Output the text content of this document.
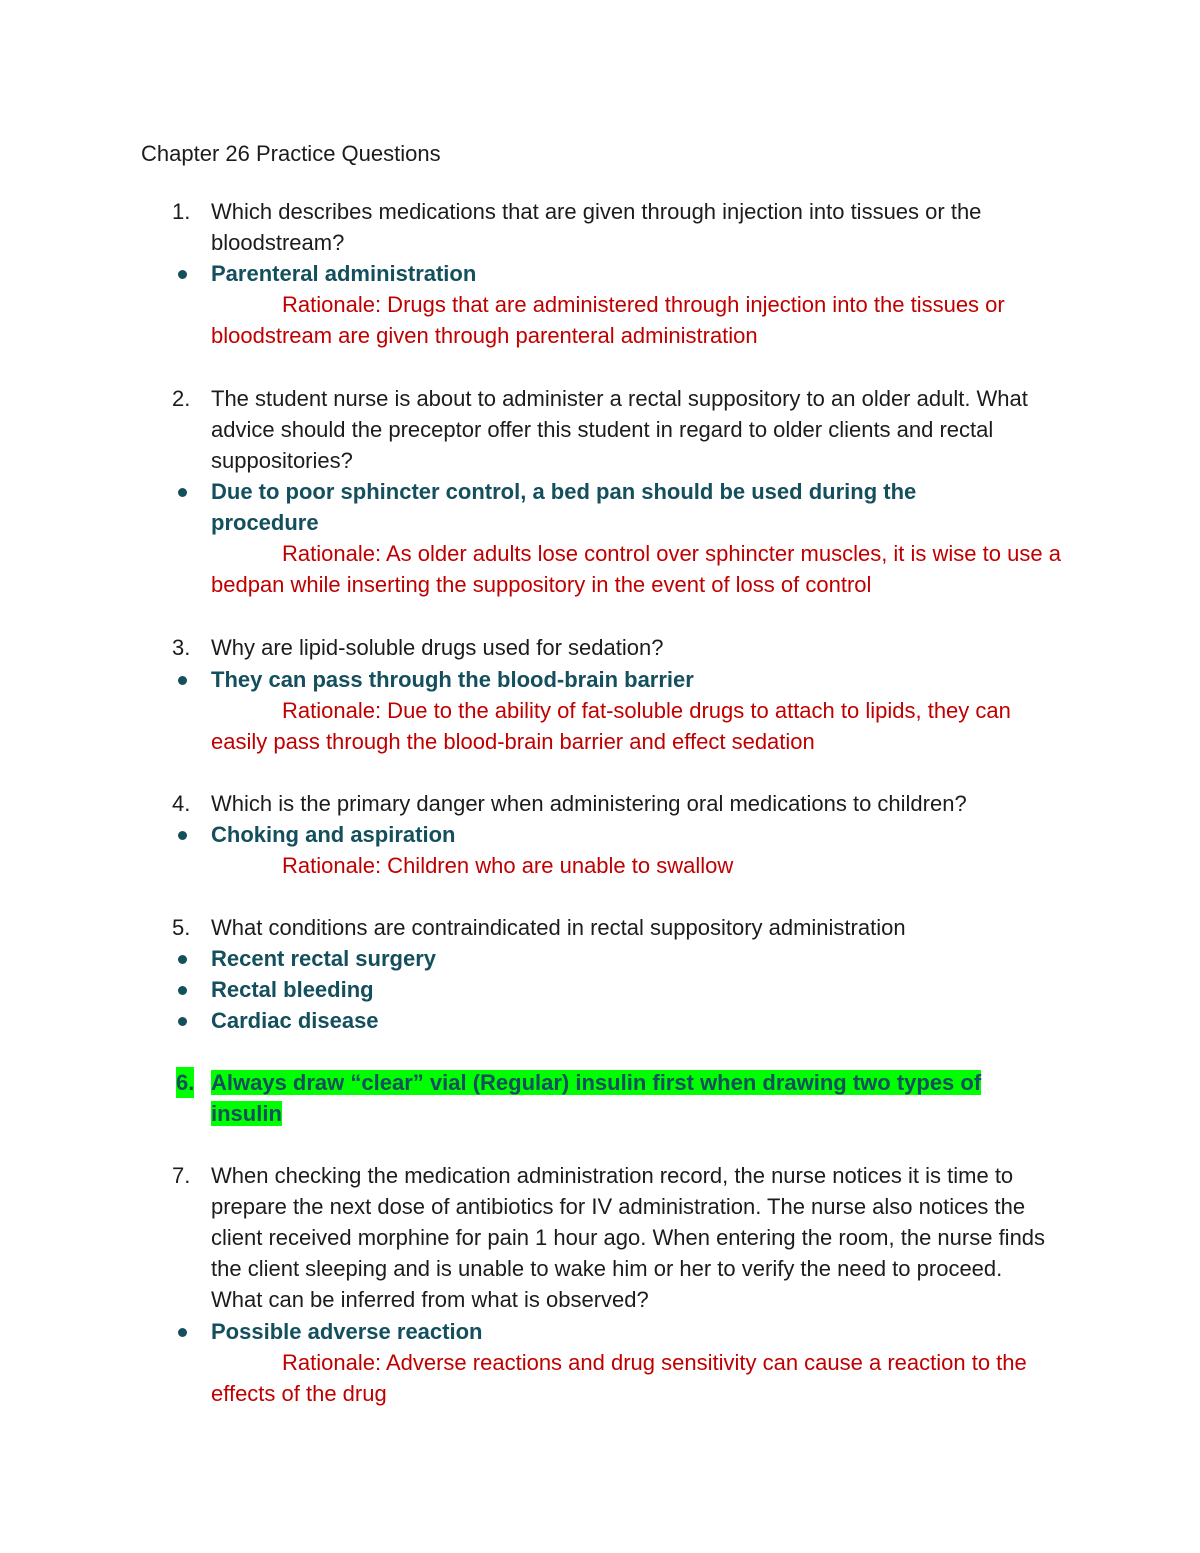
Chapter 26 Practice Questions
1. Which describes medications that are given through injection into tissues or the bloodstream?
Parenteral administration
Rationale: Drugs that are administered through injection into the tissues or bloodstream are given through parenteral administration
2. The student nurse is about to administer a rectal suppository to an older adult. What advice should the preceptor offer this student in regard to older clients and rectal suppositories?
Due to poor sphincter control, a bed pan should be used during the procedure
Rationale: As older adults lose control over sphincter muscles, it is wise to use a bedpan while inserting the suppository in the event of loss of control
3. Why are lipid-soluble drugs used for sedation?
They can pass through the blood-brain barrier
Rationale: Due to the ability of fat-soluble drugs to attach to lipids, they can easily pass through the blood-brain barrier and effect sedation
4. Which is the primary danger when administering oral medications to children?
Choking and aspiration
Rationale: Children who are unable to swallow
5. What conditions are contraindicated in rectal suppository administration
Recent rectal surgery
Rectal bleeding
Cardiac disease
6. Always draw “clear” vial (Regular) insulin first when drawing two types of insulin
7. When checking the medication administration record, the nurse notices it is time to prepare the next dose of antibiotics for IV administration. The nurse also notices the client received morphine for pain 1 hour ago. When entering the room, the nurse finds the client sleeping and is unable to wake him or her to verify the need to proceed. What can be inferred from what is observed?
Possible adverse reaction
Rationale: Adverse reactions and drug sensitivity can cause a reaction to the effects of the drug
